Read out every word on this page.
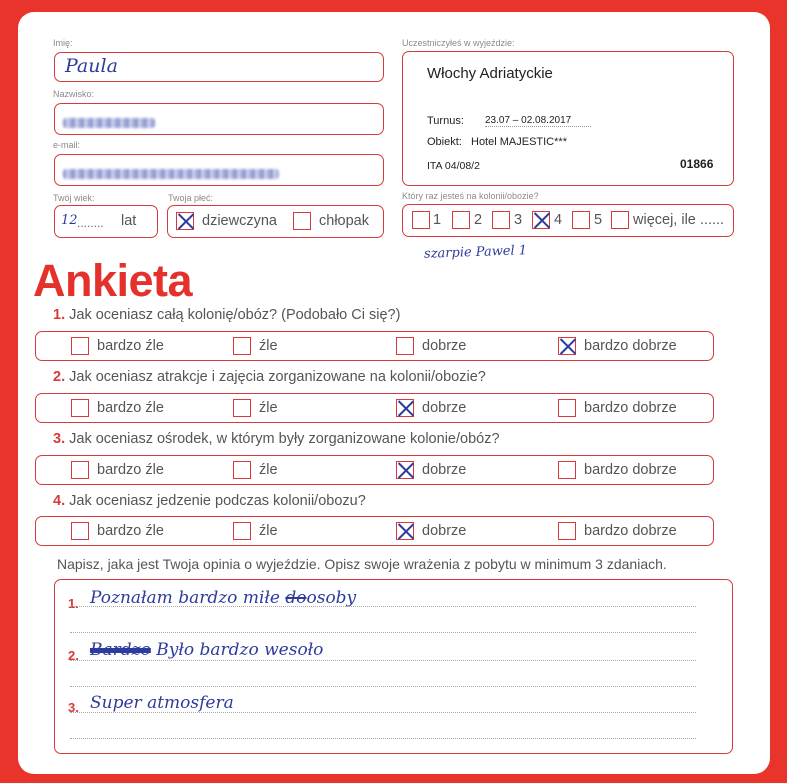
Imię:
Paula
Nazwisko:
e-mail:
Twój wiek:
12 ........ lat
Twoja płeć:
dziewczyna	chłopak
Uczestniczyłeś w wyjeździe:
Włochy Adriatyckie
Turnus: 23.07 – 02.08.2017
Obiekt: Hotel MAJESTIC***
ITA 04/08/2	01866
Który raz jesteś na kolonii/obozie?
1 2 3 4 5 więcej, ile ......
szarpie Pawel 1
Ankieta
1. Jak oceniasz całą kolonię/obóz? (Podobało Ci się?)
bardzo źle	źle	dobrze	bardzo dobrze
2. Jak oceniasz atrakcje i zajęcia zorganizowane na kolonii/obozie?
bardzo źle	źle	dobrze	bardzo dobrze
3. Jak oceniasz ośrodek, w którym były zorganizowane kolonie/obóz?
bardzo źle	źle	dobrze	bardzo dobrze
4. Jak oceniasz jedzenie podczas kolonii/obozu?
bardzo źle	źle	dobrze	bardzo dobrze
Napisz, jaka jest Twoja opinia o wyjeździe. Opisz swoje wrażenia z pobytu w minimum 3 zdaniach.
1. Poznałam bardzo miłe doosoby
2. Bardzo Było bardzo wesoło
3. Super atmosfera
